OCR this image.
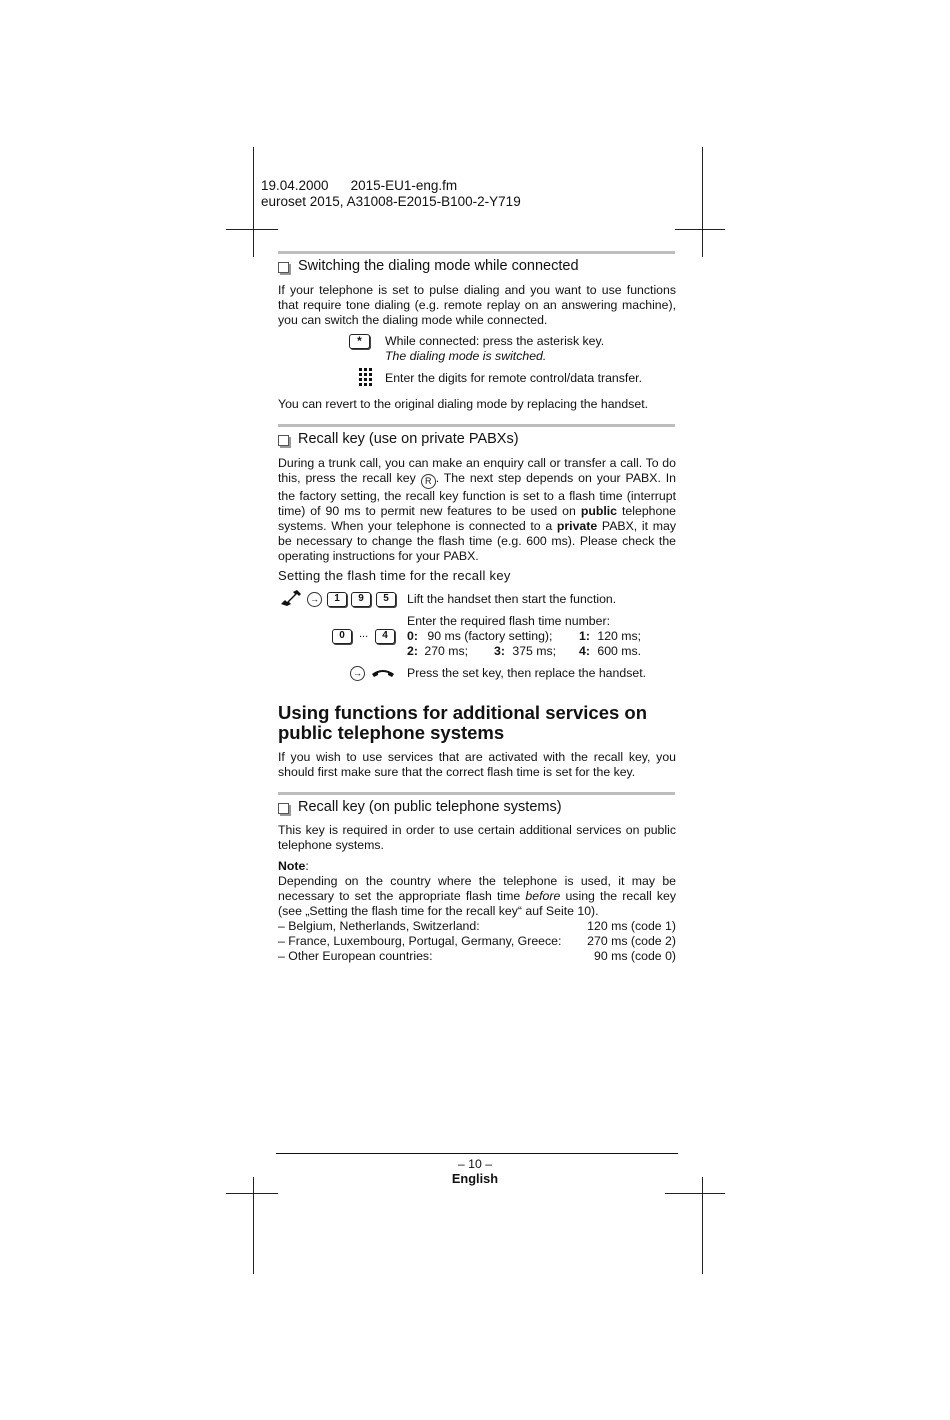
19.04.2000 2015-EU1-eng.fm
euroset 2015, A31008-E2015-B100-2-Y719
Switching the dialing mode while connected
If your telephone is set to pulse dialing and you want to use functions that require tone dialing (e.g. remote replay on an answering machine), you can switch the dialing mode while connected.
*	While connected: press the asterisk key.
The dialing mode is switched.
Enter the digits for remote control/data transfer.
You can revert to the original dialing mode by replacing the handset.
Recall key (use on private PABXs)
During a trunk call, you can make an enquiry call or transfer a call. To do this, press the recall key R . The next step depends on your PABX. In the factory setting, the recall key function is set to a flash time (interrupt time) of 90 ms to permit new features to be used on public telephone systems. When your telephone is connected to a private PABX, it may be necessary to change the flash time (e.g. 600 ms). Please check the operating instructions for your PABX.
Setting the flash time for the recall key
→	1	9	5	Lift the handset then start the function.
Enter the required flash time number:
0	...	4	0: 90 ms (factory setting); 1: 120 ms;
2: 270 ms; 3: 375 ms; 4: 600 ms.
→	Press the set key, then replace the handset.
Using functions for additional services on
public telephone systems
If you wish to use services that are activated with the recall key, you should first make sure that the correct flash time is set for the key.
Recall key (on public telephone systems)
This key is required in order to use certain additional services on public telephone systems.
Note:
Depending on the country where the telephone is used, it may be necessary to set the appropriate flash time before using the recall key (see „Setting the flash time for the recall key“ auf Seite 10).
– Belgium, Netherlands, Switzerland:	120 ms (code 1)
– France, Luxembourg, Portugal, Germany, Greece: 270 ms (code 2)
– Other European countries:	90 ms (code 0)
– 10 –
English
